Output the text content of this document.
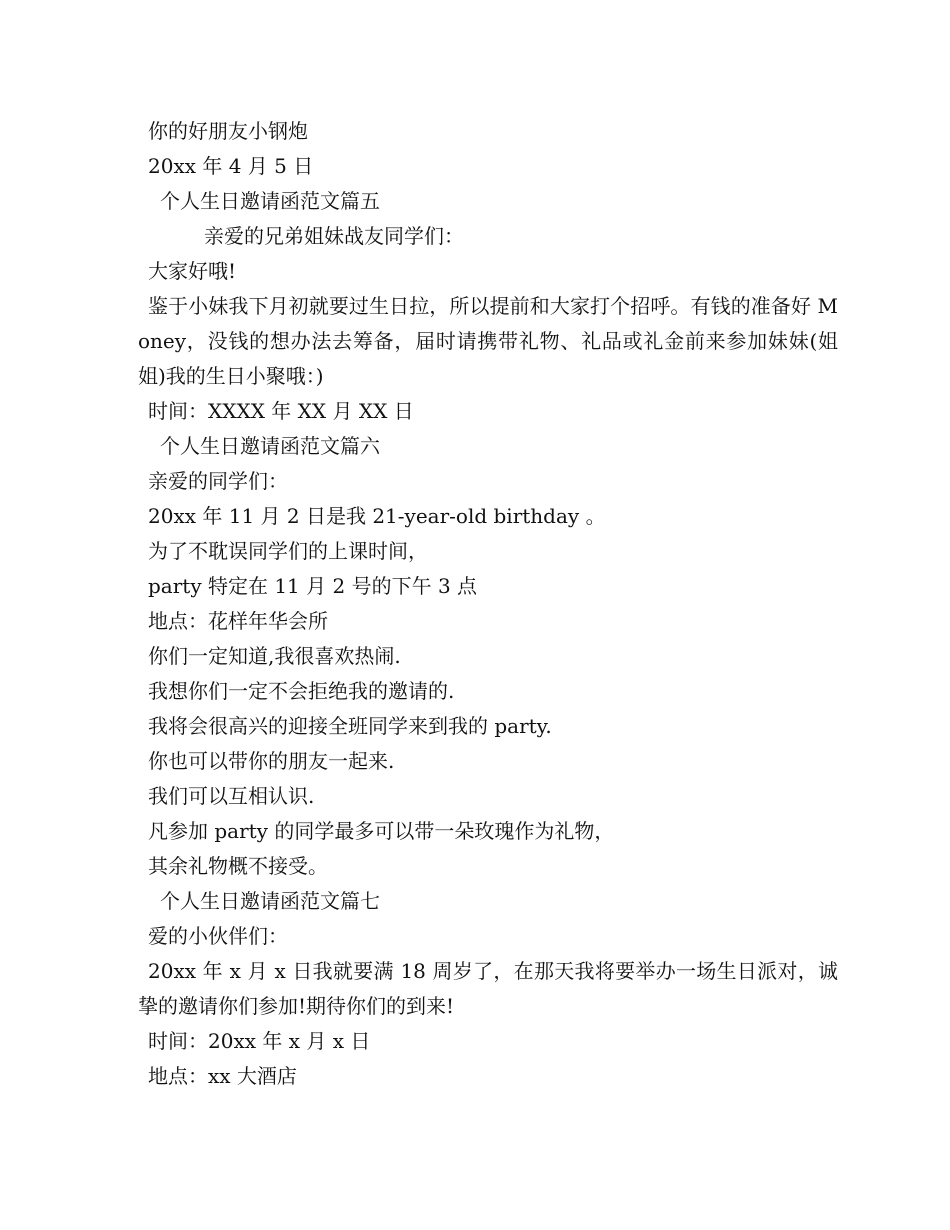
你的好朋友小钢炮
20xx 年 4 月 5 日
个人生日邀请函范文篇五
亲爱的兄弟姐妹战友同学们：
大家好哦!
鉴于小妹我下月初就要过生日拉，所以提前和大家打个招呼。有钱的准备好 Money，没钱的想办法去筹备，届时请携带礼物、礼品或礼金前来参加妹妹(姐姐)我的生日小聚哦：)
时间：XXXX 年 XX 月 XX 日
个人生日邀请函范文篇六
亲爱的同学们：
20xx 年 11 月 2 日是我 21-year-old birthday 。
为了不耽误同学们的上课时间，
party 特定在 11 月 2 号的下午 3 点
地点：花样年华会所
你们一定知道,我很喜欢热闹.
我想你们一定不会拒绝我的邀请的.
我将会很高兴的迎接全班同学来到我的 party.
你也可以带你的朋友一起来.
我们可以互相认识.
凡参加 party 的同学最多可以带一朵玫瑰作为礼物，
其余礼物概不接受。
个人生日邀请函范文篇七
爱的小伙伴们：
20xx 年 x 月 x 日我就要满 18 周岁了，在那天我将要举办一场生日派对，诚挚的邀请你们参加!期待你们的到来!
时间：20xx 年 x 月 x 日
地点：xx 大酒店
